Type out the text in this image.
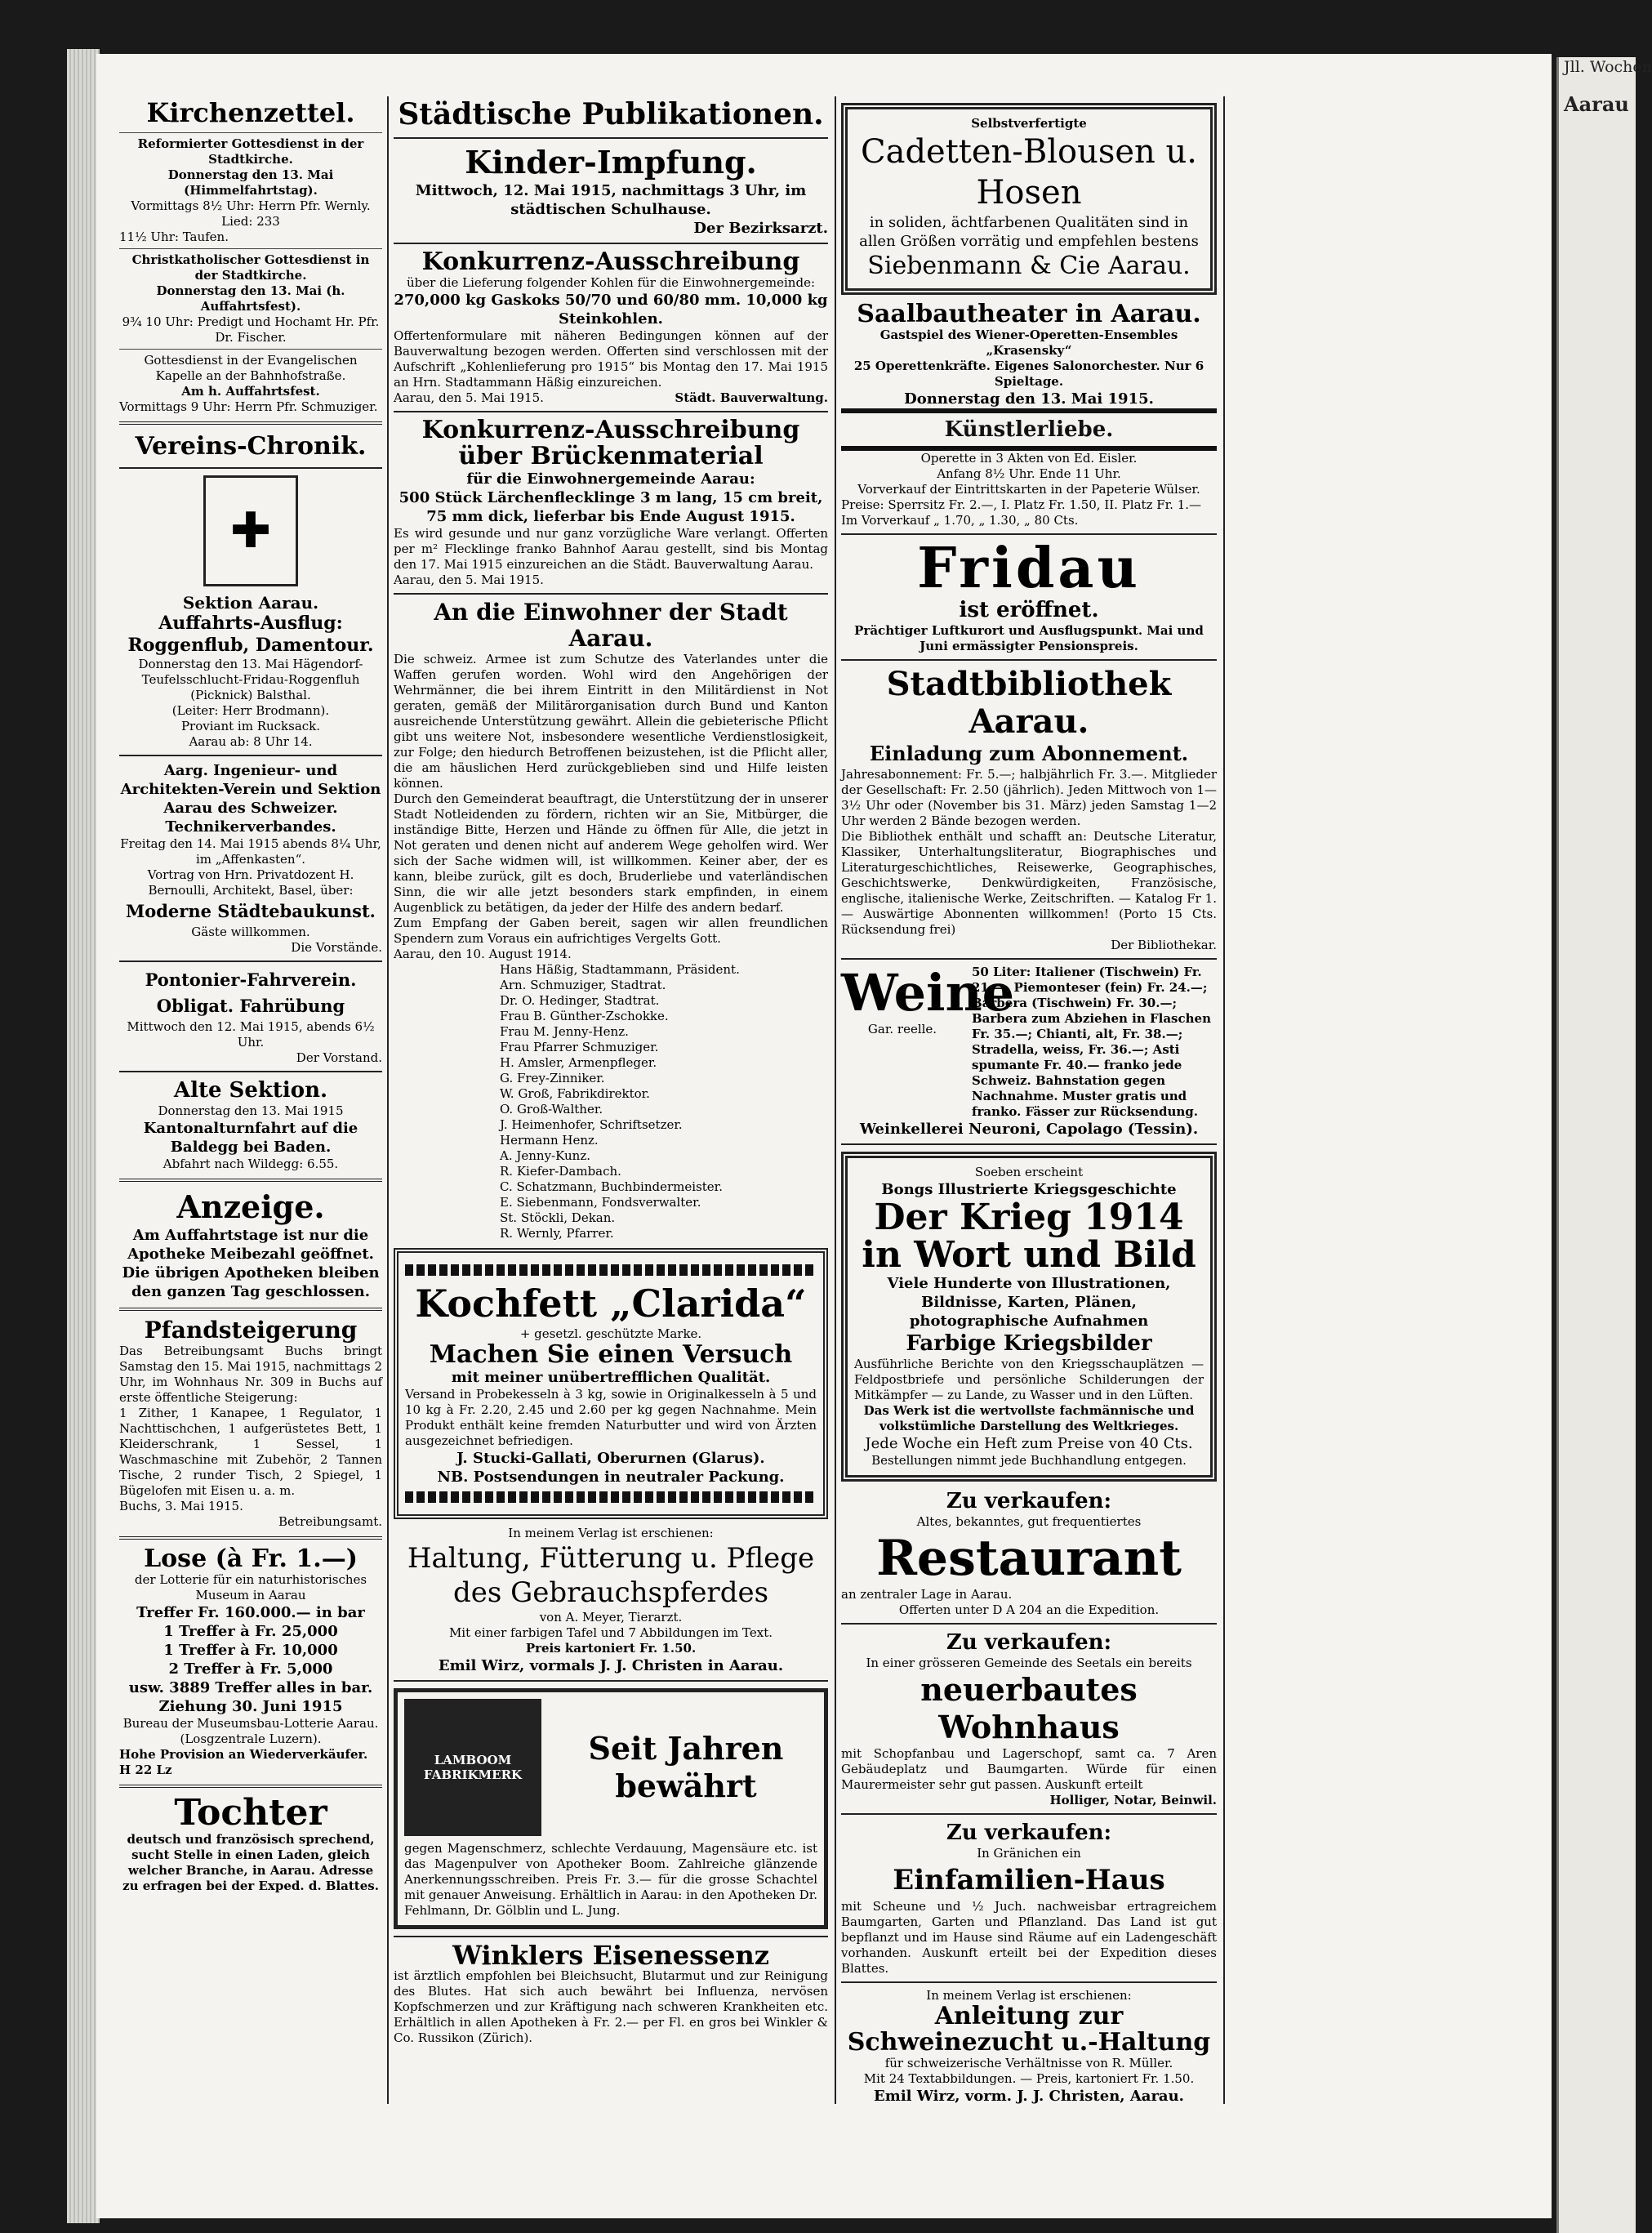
Kirchenzettel.
Reformierter Gottesdienst in der Stadtkirche.
Donnerstag den 13. Mai (Himmelfahrtstag).
Vormittags 8½ Uhr: Herrn Pfr. Wernly.
Lied: 233
11½ Uhr: Taufen.
Christkatholischer Gottesdienst in der Stadtkirche.
Donnerstag den 13. Mai (h. Auffahrtsfest).
9¾ 10 Uhr: Predigt und Hochamt Hr. Pfr. Dr. Fischer.
Gottesdienst in der Evangelischen Kapelle an der Bahnhofstraße.
Am h. Auffahrtsfest.
Vormittags 9 Uhr: Herrn Pfr. Schmuziger.
Vereins-Chronik.
✚
Sektion Aarau.
Auffahrts-Ausflug: Roggenflub, Damentour.
Donnerstag den 13. Mai Hägendorf-Teufelsschlucht-Fridau-Roggenfluh (Picknick) Balsthal.
(Leiter: Herr Brodmann).
Proviant im Rucksack.
Aarau ab: 8 Uhr 14.
Aarg. Ingenieur- und Architekten-Verein und Sektion Aarau des Schweizer. Technikerverbandes.
Freitag den 14. Mai 1915 abends 8¼ Uhr, im „Affenkasten“.
Vortrag von Hrn. Privatdozent H. Bernoulli, Architekt, Basel, über:
Moderne Städtebaukunst.
Gäste willkommen.
Die Vorstände.
Pontonier-Fahrverein.
Obligat. Fahrübung
Mittwoch den 12. Mai 1915, abends 6½ Uhr.
Der Vorstand.
Alte Sektion.
Donnerstag den 13. Mai 1915
Kantonalturnfahrt auf die Baldegg bei Baden.
Abfahrt nach Wildegg: 6.55.
Anzeige.
Am Auffahrtstage ist nur die Apotheke Meibezahl geöffnet. Die übrigen Apotheken bleiben den ganzen Tag geschlossen.
Pfandsteigerung
Das Betreibungsamt Buchs bringt Samstag den 15. Mai 1915, nachmittags 2 Uhr, im Wohnhaus Nr. 309 in Buchs auf erste öffentliche Steigerung:
1 Zither, 1 Kanapee, 1 Regulator, 1 Nachttischchen, 1 aufgerüstetes Bett, 1 Kleiderschrank, 1 Sessel, 1 Waschmaschine mit Zubehör, 2 Tannen Tische, 2 runder Tisch, 2 Spiegel, 1 Bügelofen mit Eisen u. a. m.
Buchs, 3. Mai 1915.
Betreibungsamt.
Lose (à Fr. 1.—)
der Lotterie für ein naturhistorisches Museum in Aarau
Treffer Fr. 160.000.— in bar
1 Treffer à Fr. 25,000
1 Treffer à Fr. 10,000
2 Treffer à Fr. 5,000
usw. 3889 Treffer alles in bar.
Ziehung 30. Juni 1915
Bureau der Museumsbau-Lotterie Aarau. (Losgzentrale Luzern).
Hohe Provision an Wiederverkäufer. H 22 Lz
Tochter
deutsch und französisch sprechend, sucht Stelle in einen Laden, gleich welcher Branche, in Aarau. Adresse zu erfragen bei der Exped. d. Blattes.
Städtische Publikationen.
Kinder-Impfung.
Mittwoch, 12. Mai 1915, nachmittags 3 Uhr, im städtischen Schulhause.
Der Bezirksarzt.
Konkurrenz-Ausschreibung
über die Lieferung folgender Kohlen für die Einwohnergemeinde:
270,000 kg Gaskoks 50/70 und 60/80 mm. 10,000 kg Steinkohlen.
Offertenformulare mit näheren Bedingungen können auf der Bauverwaltung bezogen werden. Offerten sind verschlossen mit der Aufschrift „Kohlenlieferung pro 1915“ bis Montag den 17. Mai 1915 an Hrn. Stadtammann Häßig einzureichen.
Aarau, den 5. Mai 1915.	Städt. Bauverwaltung.
Konkurrenz-Ausschreibung über Brückenmaterial
für die Einwohnergemeinde Aarau:
500 Stück Lärchenflecklinge 3 m lang, 15 cm breit, 75 mm dick, lieferbar bis Ende August 1915.
Es wird gesunde und nur ganz vorzügliche Ware verlangt. Offerten per m² Flecklinge franko Bahnhof Aarau gestellt, sind bis Montag den 17. Mai 1915 einzureichen an die Städt. Bauverwaltung Aarau.
Aarau, den 5. Mai 1915.
An die Einwohner der Stadt Aarau.
Die schweiz. Armee ist zum Schutze des Vaterlandes unter die Waffen gerufen worden. Wohl wird den Angehörigen der Wehrmänner, die bei ihrem Eintritt in den Militärdienst in Not geraten, gemäß der Militärorganisation durch Bund und Kanton ausreichende Unterstützung gewährt. Allein die gebieterische Pflicht gibt uns weitere Not, insbesondere wesentliche Verdienstlosigkeit, zur Folge; den hiedurch Betroffenen beizustehen, ist die Pflicht aller, die am häuslichen Herd zurückgeblieben sind und Hilfe leisten können.
Durch den Gemeinderat beauftragt, die Unterstützung der in unserer Stadt Notleidenden zu fördern, richten wir an Sie, Mitbürger, die inständige Bitte, Herzen und Hände zu öffnen für Alle, die jetzt in Not geraten und denen nicht auf anderem Wege geholfen wird. Wer sich der Sache widmen will, ist willkommen. Keiner aber, der es kann, bleibe zurück, gilt es doch, Bruderliebe und vaterländischen Sinn, die wir alle jetzt besonders stark empfinden, in einem Augenblick zu betätigen, da jeder der Hilfe des andern bedarf.
Zum Empfang der Gaben bereit, sagen wir allen freundlichen Spendern zum Voraus ein aufrichtiges Vergelts Gott.
Aarau, den 10. August 1914.
Hans Häßig, Stadtammann, Präsident.
Arn. Schmuziger, Stadtrat.
Dr. O. Hedinger, Stadtrat.
Frau B. Günther-Zschokke.
Frau M. Jenny-Henz.
Frau Pfarrer Schmuziger.
H. Amsler, Armenpfleger.
G. Frey-Zinniker.
W. Groß, Fabrikdirektor.
O. Groß-Walther.
J. Heimenhofer, Schriftsetzer.
Hermann Henz.
A. Jenny-Kunz.
R. Kiefer-Dambach.
C. Schatzmann, Buchbindermeister.
E. Siebenmann, Fondsverwalter.
St. Stöckli, Dekan.
R. Wernly, Pfarrer.
Kochfett „Clarida“
+ gesetzl. geschützte Marke.
Machen Sie einen Versuch
mit meiner unübertrefflichen Qualität.
Versand in Probekesseln à 3 kg, sowie in Originalkesseln à 5 und 10 kg à Fr. 2.20, 2.45 und 2.60 per kg gegen Nachnahme. Mein Produkt enthält keine fremden Naturbutter und wird von Ärzten ausgezeichnet befriedigen.
J. Stucki-Gallati, Oberurnen (Glarus).
NB. Postsendungen in neutraler Packung.
In meinem Verlag ist erschienen:
Haltung, Fütterung u. Pflege des Gebrauchspferdes
von A. Meyer, Tierarzt.
Mit einer farbigen Tafel und 7 Abbildungen im Text.
Preis kartoniert Fr. 1.50.
Emil Wirz, vormals J. J. Christen in Aarau.
LAMBOOM FABRIKMERK
Seit Jahren bewährt
gegen Magenschmerz, schlechte Verdauung, Magensäure etc. ist das Magenpulver von Apotheker Boom. Zahlreiche glänzende Anerkennungsschreiben. Preis Fr. 3.— für die grosse Schachtel mit genauer Anweisung. Erhältlich in Aarau: in den Apotheken Dr. Fehlmann, Dr. Gölblin und L. Jung.
Winklers Eisenessenz
ist ärztlich empfohlen bei Bleichsucht, Blutarmut und zur Reinigung des Blutes. Hat sich auch bewährt bei Influenza, nervösen Kopfschmerzen und zur Kräftigung nach schweren Krankheiten etc. Erhältlich in allen Apotheken à Fr. 2.— per Fl. en gros bei Winkler & Co. Russikon (Zürich).
Selbstverfertigte
Cadetten-Blousen u. Hosen
in soliden, ächtfarbenen Qualitäten sind in allen Größen vorrätig und empfehlen bestens
Siebenmann & Cie Aarau.
Saalbautheater in Aarau.
Gastspiel des Wiener-Operetten-Ensembles „Krasensky“
25 Operettenkräfte. Eigenes Salonorchester. Nur 6 Spieltage.
Donnerstag den 13. Mai 1915.
Künstlerliebe.
Operette in 3 Akten von Ed. Eisler.
Anfang 8½ Uhr. Ende 11 Uhr.
Vorverkauf der Eintrittskarten in der Papeterie Wülser.
Preise: Sperrsitz Fr. 2.—, I. Platz Fr. 1.50, II. Platz Fr. 1.— Im Vorverkauf „ 1.70, „ 1.30, „ 80 Cts.
Fridau
ist eröffnet.
Prächtiger Luftkurort und Ausflugspunkt. Mai und Juni ermässigter Pensionspreis.
Stadtbibliothek Aarau.
Einladung zum Abonnement.
Jahresabonnement: Fr. 5.—; halbjährlich Fr. 3.—. Mitglieder der Gesellschaft: Fr. 2.50 (jährlich). Jeden Mittwoch von 1—3½ Uhr oder (November bis 31. März) jeden Samstag 1—2 Uhr werden 2 Bände bezogen werden.
Die Bibliothek enthält und schafft an: Deutsche Literatur, Klassiker, Unterhaltungsliteratur, Biographisches und Literaturgeschichtliches, Reisewerke, Geographisches, Geschichtswerke, Denkwürdigkeiten, Französische, englische, italienische Werke, Zeitschriften. — Katalog Fr 1.— Auswärtige Abonnenten willkommen! (Porto 15 Cts. Rücksendung frei)
Der Bibliothekar.
Weine
Gar. reelle.
50 Liter: Italiener (Tischwein) Fr. 21.—, Piemonteser (fein) Fr. 24.—; Barbera (Tischwein) Fr. 30.—; Barbera zum Abziehen in Flaschen Fr. 35.—; Chianti, alt, Fr. 38.—; Stradella, weiss, Fr. 36.—; Asti spumante Fr. 40.— franko jede Schweiz. Bahnstation gegen Nachnahme. Muster gratis und franko. Fässer zur Rücksendung.
Weinkellerei Neuroni, Capolago (Tessin).
Soeben erscheint
Bongs Illustrierte Kriegsgeschichte
Der Krieg 1914
in Wort und Bild
Viele Hunderte von Illustrationen, Bildnisse, Karten, Plänen, photographische Aufnahmen
Farbige Kriegsbilder
Ausführliche Berichte von den Kriegsschauplätzen — Feldpostbriefe und persönliche Schilderungen der Mitkämpfer — zu Lande, zu Wasser und in den Lüften.
Das Werk ist die wertvollste fachmännische und volkstümliche Darstellung des Weltkrieges.
Jede Woche ein Heft zum Preise von 40 Cts.
Bestellungen nimmt jede Buchhandlung entgegen.
Zu verkaufen:
Altes, bekanntes, gut frequentiertes
Restaurant
an zentraler Lage in Aarau.
Offerten unter D A 204 an die Expedition.
Zu verkaufen:
In einer grösseren Gemeinde des Seetals ein bereits
neuerbautes Wohnhaus
mit Schopfanbau und Lagerschopf, samt ca. 7 Aren Gebäudeplatz und Baumgarten. Würde für einen Maurermeister sehr gut passen. Auskunft erteilt
Holliger, Notar, Beinwil.
Zu verkaufen:
In Gränichen ein
Einfamilien-Haus
mit Scheune und ½ Juch. nachweisbar ertragreichem Baumgarten, Garten und Pflanzland. Das Land ist gut bepflanzt und im Hause sind Räume auf ein Ladengeschäft vorhanden. Auskunft erteilt bei der Expedition dieses Blattes.
In meinem Verlag ist erschienen:
Anleitung zur Schweinezucht u.-Haltung
für schweizerische Verhältnisse von R. Müller.
Mit 24 Textabbildungen. — Preis, kartoniert Fr. 1.50.
Emil Wirz, vorm. J. J. Christen, Aarau.
Jll. Wochen
Aarau
